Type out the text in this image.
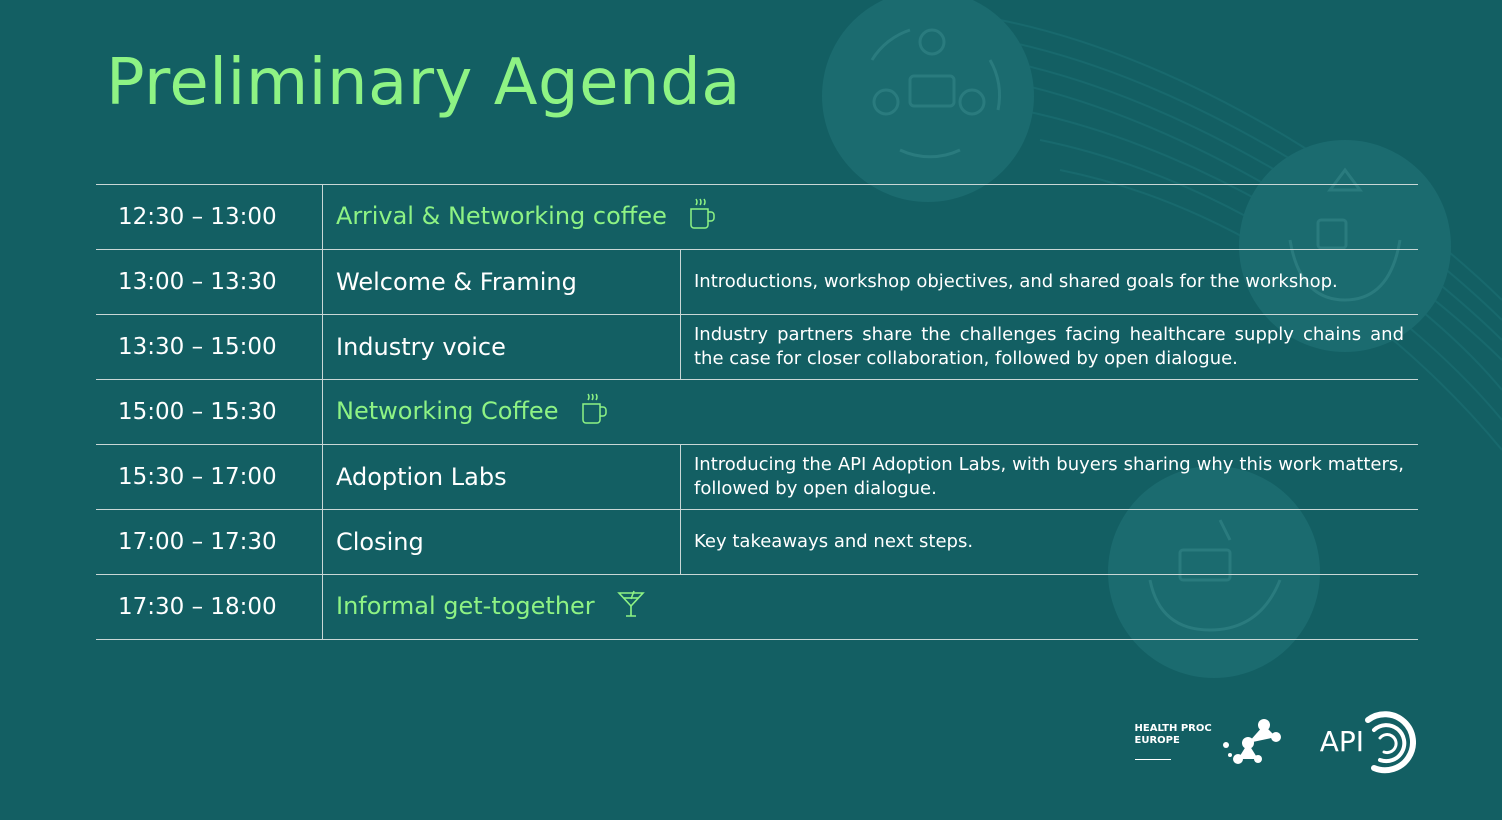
Preliminary Agenda
12:30 – 13:00	Arrival & Networking coffee	
13:00 – 13:30	Welcome & Framing	Introductions, workshop objectives, and shared goals for the workshop.
13:30 – 15:00	Industry voice	Industry partners share the challenges facing healthcare supply chains and the case for closer collaboration, followed by open dialogue.
15:00 – 15:30	Networking Coffee	
15:30 – 17:00	Adoption Labs	Introducing the API Adoption Labs, with buyers sharing why this work matters, followed by open dialogue.
17:00 – 17:30	Closing	Key takeaways and next steps.
17:30 – 18:00	Informal get-together	
HEALTH PROC
EUROPE	API
